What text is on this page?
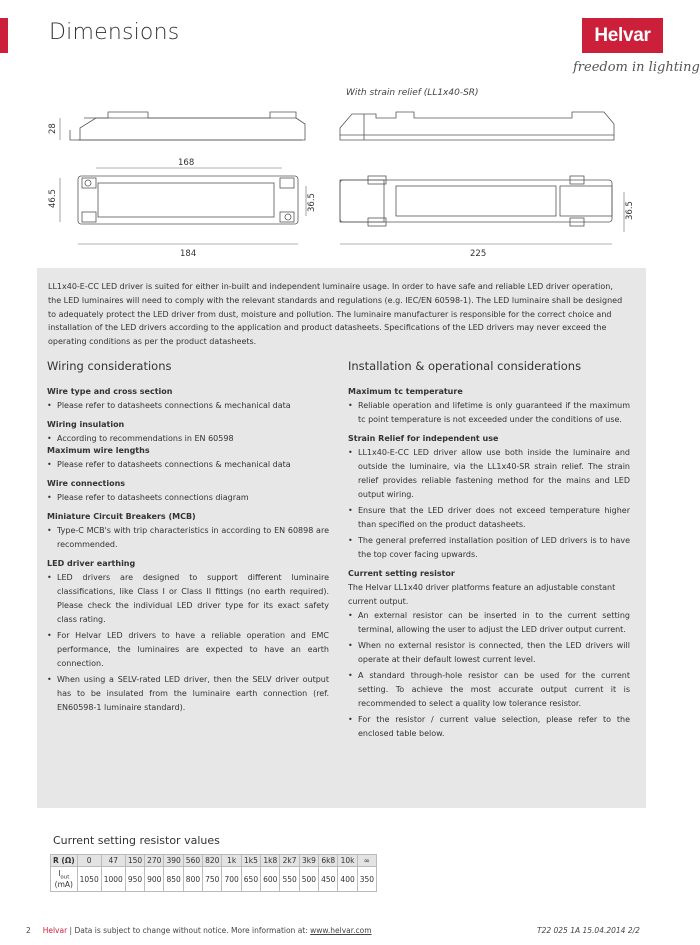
Dimensions	Helvar
freedom in lighting
With strain relief (LL1x40-SR)
28
168
46.5	36.5
184	225
36.5
LL1x40-E-CC LED driver is suited for either in-built and independent luminaire usage. In order to have safe and reliable LED driver operation, the LED luminaires will need to comply with the relevant standards and regulations (e.g. IEC/EN 60598-1). The LED luminaire shall be designed to adequately protect the LED driver from dust, moisture and pollution. The luminaire manufacturer is responsible for the correct choice and installation of the LED drivers according to the application and product datasheets. Specifications of the LED drivers may never exceed the operating conditions as per the product datasheets.
Wiring considerations
Wire type and cross section
• Please refer to datasheets connections & mechanical data
Wiring insulation
• According to recommendations in EN 60598
Maximum wire lengths
• Please refer to datasheets connections & mechanical data
Wire connections
• Please refer to datasheets connections diagram
Miniature Circuit Breakers (MCB)
• Type-C MCB's with trip characteristics in according to EN 60898 are recommended.
LED driver earthing
• LED drivers are designed to support different luminaire classifications, like Class I or Class II fittings (no earth required). Please check the individual LED driver type for its exact safety class rating.
• For Helvar LED drivers to have a reliable operation and EMC performance, the luminaires are expected to have an earth connection.
• When using a SELV-rated LED driver, then the SELV driver output has to be insulated from the luminaire earth connection (ref. EN60598-1 luminaire standard).
Installation & operational considerations
Maximum tc temperature
• Reliable operation and lifetime is only guaranteed if the maximum tc point temperature is not exceeded under the conditions of use.
Strain Relief for independent use
• LL1x40-E-CC LED driver allow use both inside the luminaire and outside the luminaire, via the LL1x40-SR strain relief. The strain relief provides reliable fastening method for the mains and LED output wiring.
• Ensure that the LED driver does not exceed temperature higher than specified on the product datasheets.
• The general preferred installation position of LED drivers is to have the top cover facing upwards.
Current setting resistor

The Helvar LL1x40 driver platforms feature an adjustable constant current output.

• An external resistor can be inserted in to the current setting terminal, allowing the user to adjust the LED driver output current.
• When no external resistor is connected, then the LED drivers will operate at their default lowest current level.
• A standard through-hole resistor can be used for the current setting. To achieve the most accurate output current it is recommended to select a quality low tolerance resistor.
• For the resistor / current value selection, please refer to the enclosed table below.
Current setting resistor values
R (Ω)	0	47	150	270	390	560	820	1k	1k5	1k8	2k7	3k9	6k8	10k	∞
$I_{out}$
(mA)	1050	1000	950	900	850	800	750	700	650	600	550	500	450	400	350
2 Helvar | Data is subject to change without notice. More information at: www.helvar.com	T22 025 1A 15.04.2014 2/2
